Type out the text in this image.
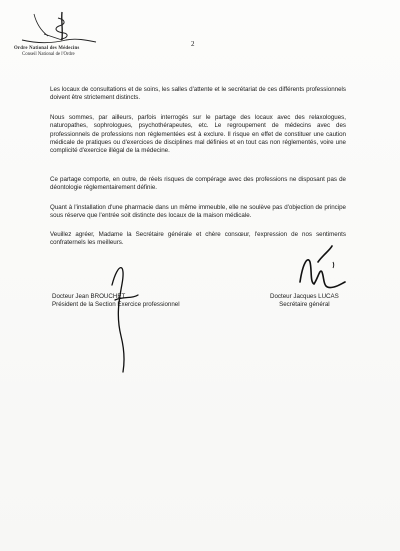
Ordre National des Médecins
Conseil National de l'Ordre
2

Les locaux de consultations et de soins, les salles d'attente et le secrétariat de ces différents professionnels doivent être strictement distincts.

Nous sommes, par ailleurs, parfois interrogés sur le partage des locaux avec des relaxologues, naturopathes, sophrologues, psychothérapeutes, etc. Le regroupement de médecins avec des professionnels de professions non réglementées est à exclure. Il risque en effet de constituer une caution médicale de pratiques ou d'exercices de disciplines mal définies et en tout cas non réglementés, voire une complicité d'exercice illégal de la médecine.

Ce partage comporte, en outre, de réels risques de compérage avec des professions ne disposant pas de déontologie réglementairement définie.

Quant à l'installation d'une pharmacie dans un même immeuble, elle ne soulève pas d'objection de principe sous réserve que l'entrée soit distincte des locaux de la maison médicale.

Veuillez agréer, Madame la Secrétaire générale et chère consœur, l'expression de nos sentiments confraternels les meilleurs.

Docteur Jean BROUCHET
Président de la Section Exercice professionnel
Docteur Jacques LUCAS
Secrétaire général
